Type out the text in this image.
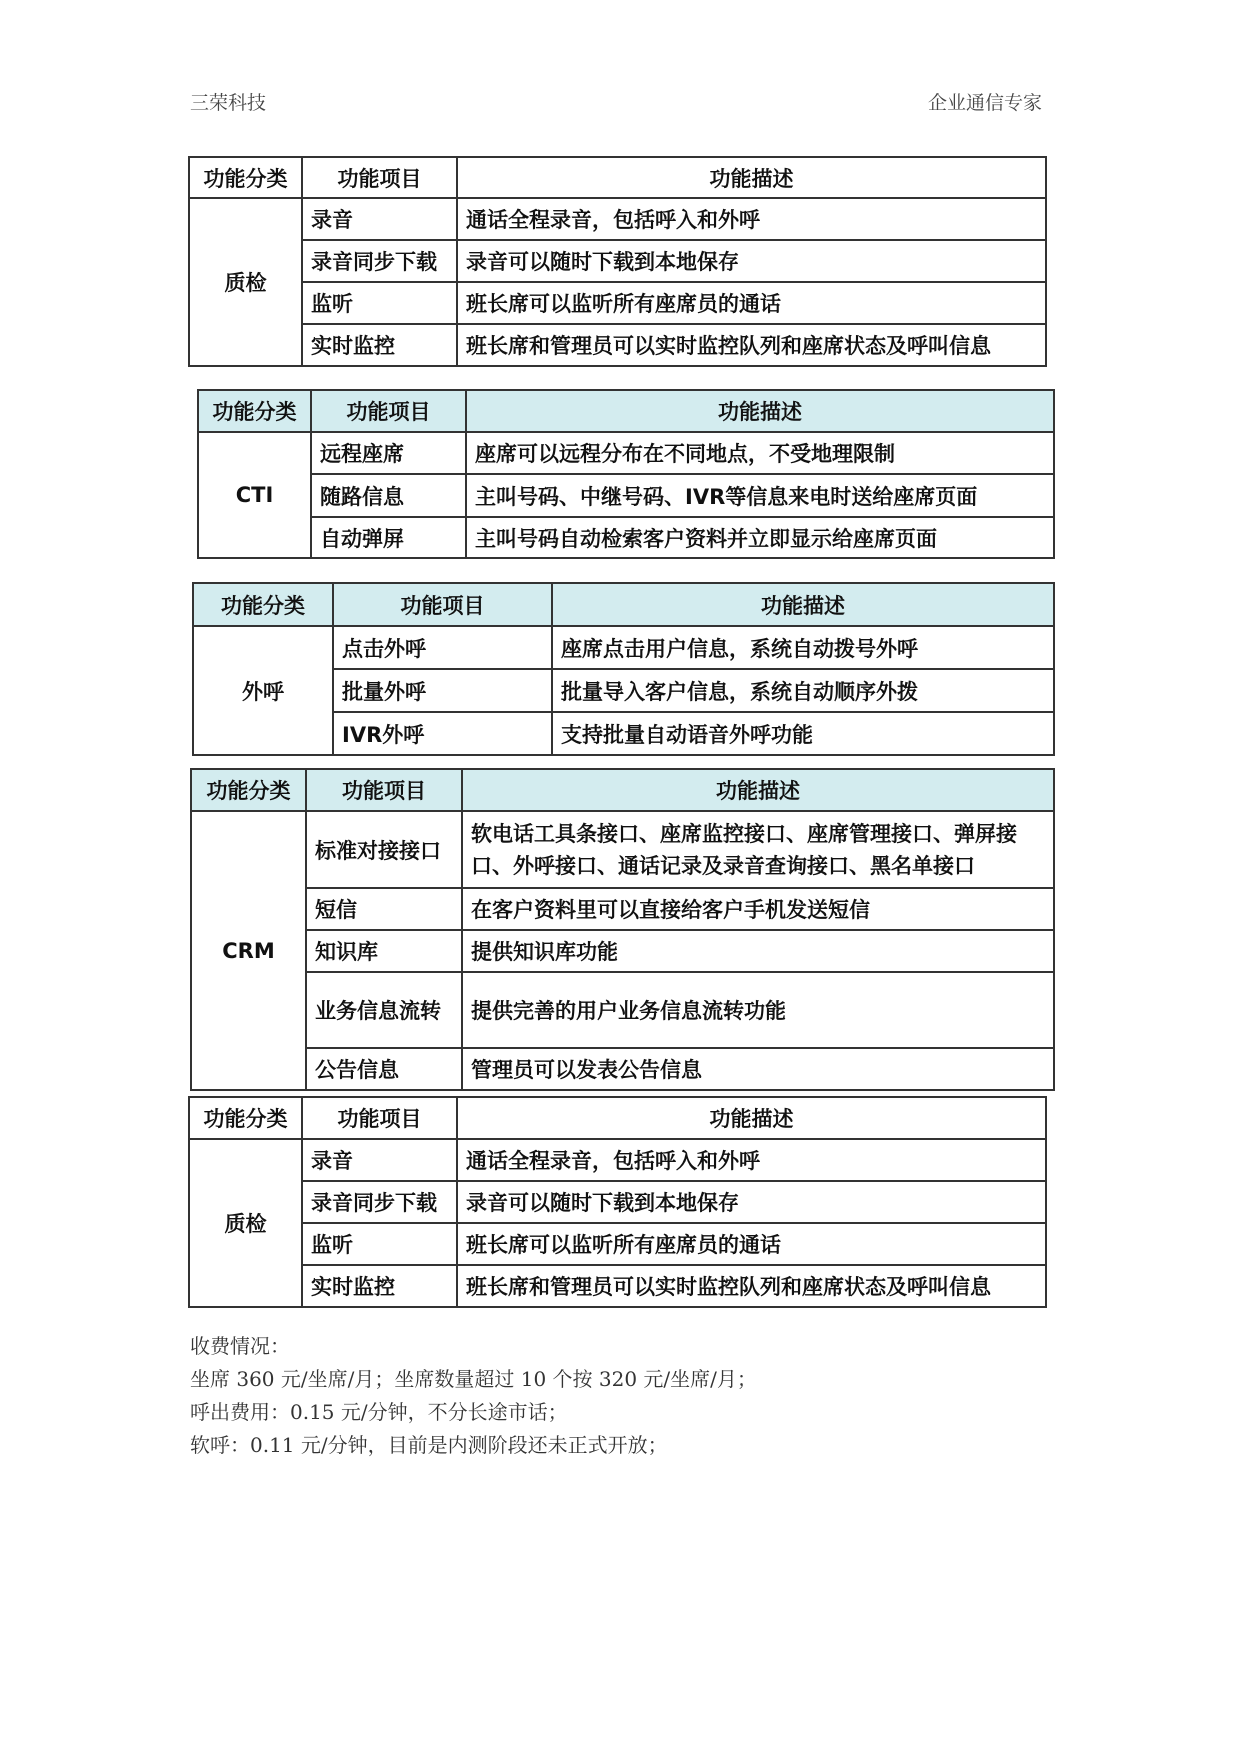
三荣科技	企业通信专家
功能分类	功能项目	功能描述
质检	录音	通话全程录音，包括呼入和外呼
	录音同步下载	录音可以随时下载到本地保存
	监听	班长席可以监听所有座席员的通话
	实时监控	班长席和管理员可以实时监控队列和座席状态及呼叫信息
功能分类	功能项目	功能描述
CTI	远程座席	座席可以远程分布在不同地点，不受地理限制
	随路信息	主叫号码、中继号码、IVR等信息来电时送给座席页面
	自动弹屏	主叫号码自动检索客户资料并立即显示给座席页面
功能分类	功能项目	功能描述
外呼	点击外呼	座席点击用户信息，系统自动拨号外呼
	批量外呼	批量导入客户信息，系统自动顺序外拨
	IVR外呼	支持批量自动语音外呼功能
功能分类	功能项目	功能描述
CRM	标准对接接口	软电话工具条接口、座席监控接口、座席管理接口、弹屏接口、外呼接口、通话记录及录音查询接口、黑名单接口
	短信	在客户资料里可以直接给客户手机发送短信
	知识库	提供知识库功能
	业务信息流转	提供完善的用户业务信息流转功能
	公告信息	管理员可以发表公告信息
功能分类	功能项目	功能描述
质检	录音	通话全程录音，包括呼入和外呼
	录音同步下载	录音可以随时下载到本地保存
	监听	班长席可以监听所有座席员的通话
	实时监控	班长席和管理员可以实时监控队列和座席状态及呼叫信息
收费情况：
坐席 360 元/坐席/月；坐席数量超过 10 个按 320 元/坐席/月；
呼出费用：0.15 元/分钟，不分长途市话；
软呼：0.11 元/分钟，目前是内测阶段还未正式开放；
